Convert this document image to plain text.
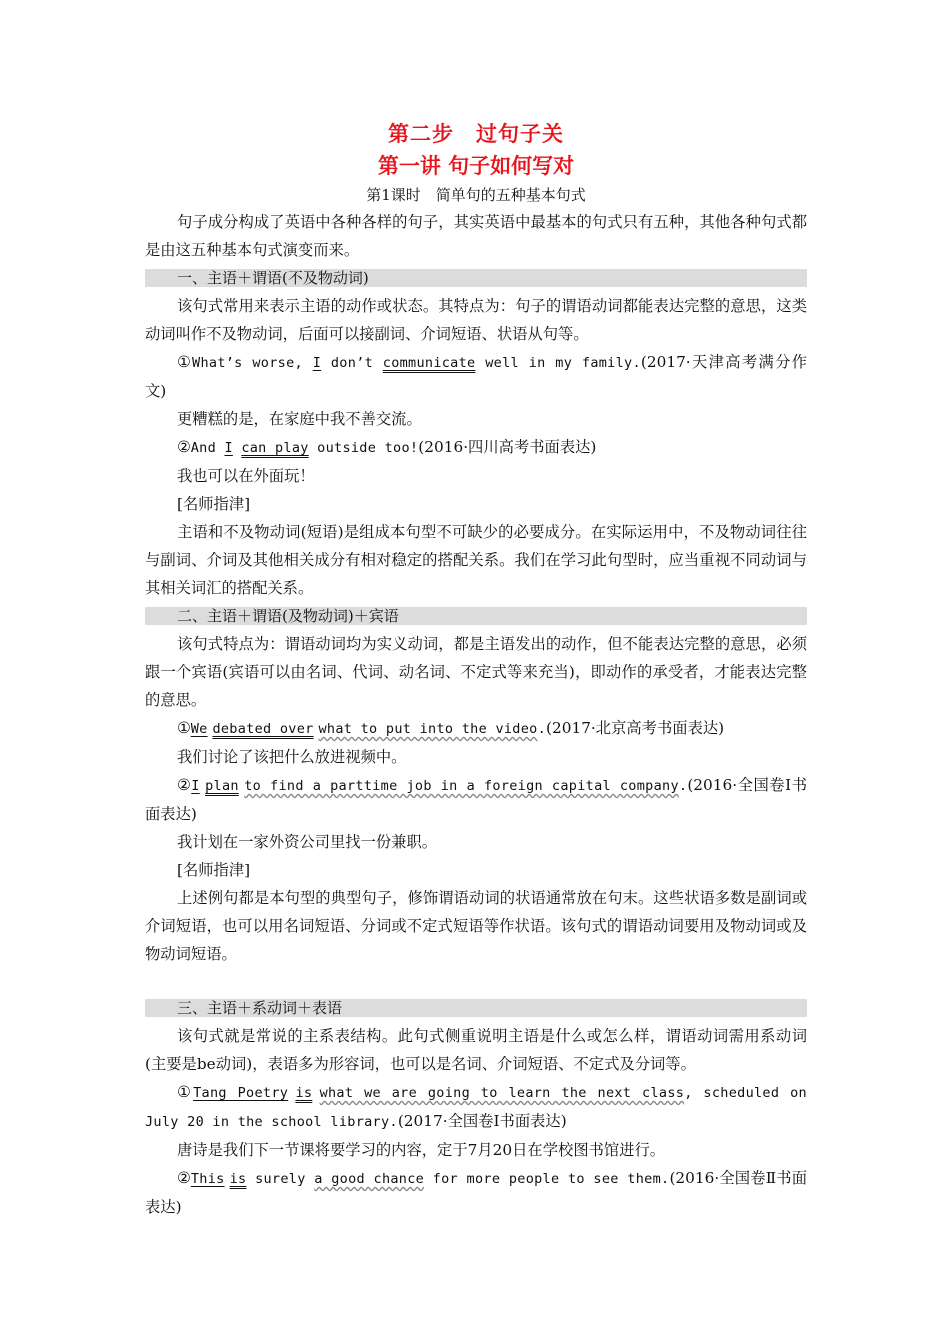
第二步　过句子关
第一讲 句子如何写对
第1课时　简单句的五种基本句式

句子成分构成了英语中各种各样的句子，其实英语中最基本的句式只有五种，其他各种句式都是由这五种基本句式演变而来。

一、主语＋谓语(不及物动词)

该句式常用来表示主语的动作或状态。其特点为：句子的谓语动词都能表达完整的意思，这类动词叫作不及物动词，后面可以接副词、介词短语、状语从句等。

①What’s worse, I don’t communicate well in my family.(2017·天津高考满分作文)

更糟糕的是，在家庭中我不善交流。

②And I can play outside too!(2016·四川高考书面表达)

我也可以在外面玩！

[名师指津]

主语和不及物动词(短语)是组成本句型不可缺少的必要成分。在实际运用中，不及物动词往往与副词、介词及其他相关成分有相对稳定的搭配关系。我们在学习此句型时，应当重视不同动词与其相关词汇的搭配关系。

二、主语＋谓语(及物动词)＋宾语

该句式特点为：谓语动词均为实义动词，都是主语发出的动作，但不能表达完整的意思，必须跟一个宾语(宾语可以由名词、代词、动名词、不定式等来充当)，即动作的承受者，才能表达完整的意思。

①We debated over what to put into the video.(2017·北京高考书面表达)

我们讨论了该把什么放进视频中。

②I plan to find a parttime job in a foreign capital company.(2016·全国卷Ⅰ书面表达)

我计划在一家外资公司里找一份兼职。

[名师指津]

上述例句都是本句型的典型句子，修饰谓语动词的状语通常放在句末。这些状语多数是副词或介词短语，也可以用名词短语、分词或不定式短语等作状语。该句式的谓语动词要用及物动词或及物动词短语。

三、主语＋系动词＋表语

该句式就是常说的主系表结构。此句式侧重说明主语是什么或怎么样，谓语动词需用系动词(主要是be动词)，表语多为形容词，也可以是名词、介词短语、不定式及分词等。

①Tang Poetry is what we are going to learn the next class, scheduled on July 20 in the school library.(2017·全国卷Ⅰ书面表达)

唐诗是我们下一节课将要学习的内容，定于7月20日在学校图书馆进行。

②This is surely a good chance for more people to see them.(2016·全国卷Ⅱ书面表达)
